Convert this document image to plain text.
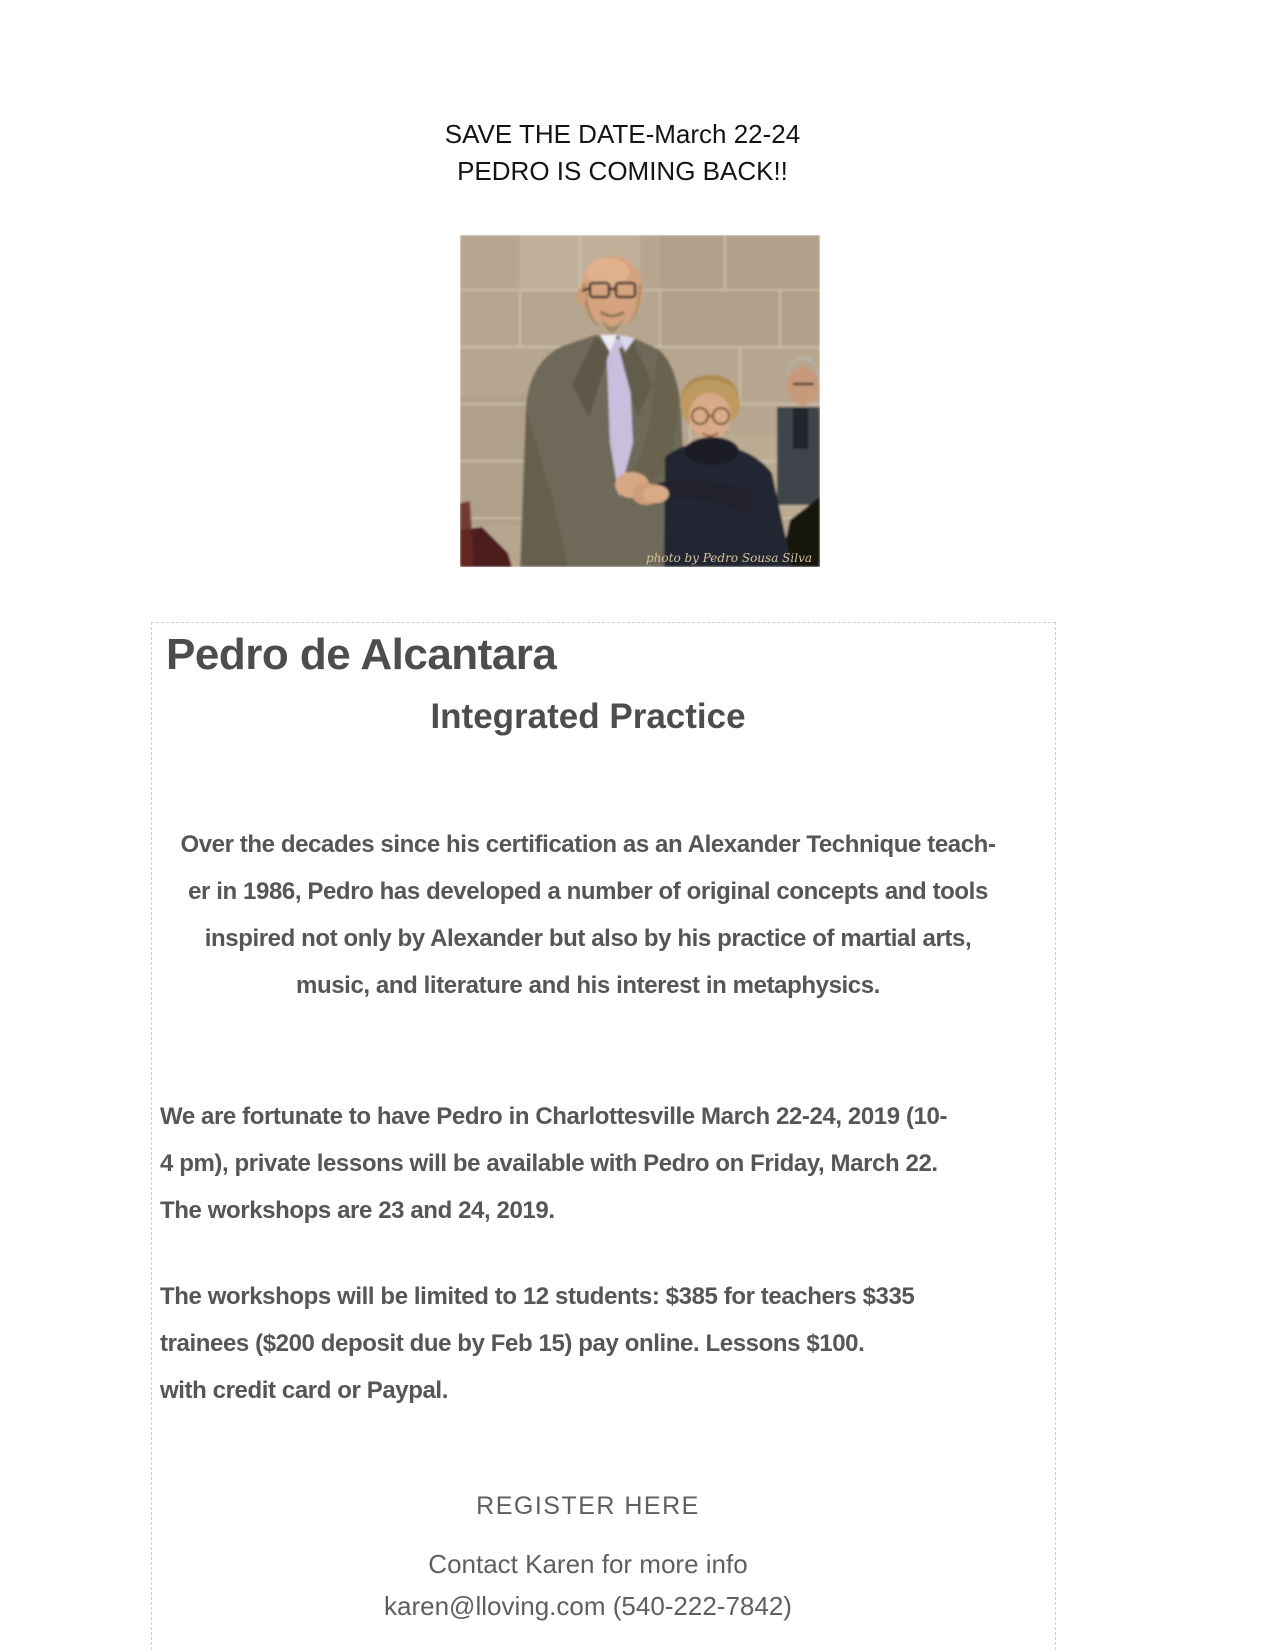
SAVE THE DATE-March 22-24
PEDRO IS COMING BACK!!
photo by Pedro Sousa Silva
Pedro de Alcantara
Integrated Practice
Over the decades since his certification as an Alexander Technique teach-
er in 1986, Pedro has developed a number of original concepts and tools
inspired not only by Alexander but also by his practice of martial arts,
music, and literature and his interest in metaphysics.
We are fortunate to have Pedro in Charlottesville March 22-24, 2019 (10-
4 pm), private lessons will be available with Pedro on Friday, March 22.
The workshops are 23 and 24, 2019.
The workshops will be limited to 12 students: $385 for teachers $335
trainees ($200 deposit due by Feb 15) pay online. Lessons $100.
with credit card or Paypal.
REGISTER HERE
Contact Karen for more info
karen@lloving.com (540-222-7842)
